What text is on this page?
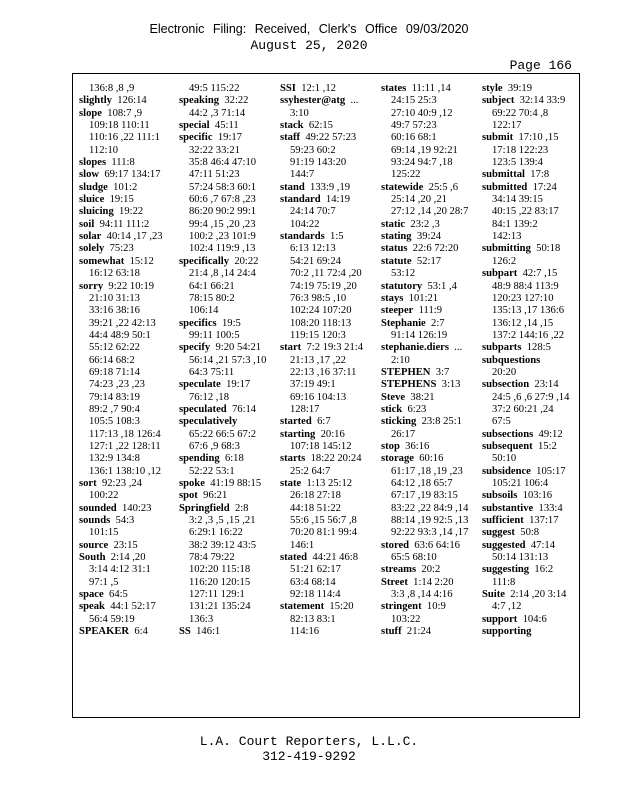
Electronic Filing: Received, Clerk's Office 09/03/2020
August 25, 2020
Page 166
136:8 ,8 ,9
slightly 126:14
slope 108:7 ,9
109:18 110:11
110:16 ,22 111:1
112:10
slopes 111:8
slow 69:17 134:17
sludge 101:2
sluice 19:15
sluicing 19:22
soil 94:11 111:2
solar 40:14 ,17 ,23
solely 75:23
somewhat 15:12
16:12 63:18
sorry 9:22 10:19
21:10 31:13
33:16 38:16
39:21 ,22 42:13
44:4 48:9 50:1
55:12 62:22
66:14 68:2
69:18 71:14
74:23 ,23 ,23
79:14 83:19
89:2 ,7 90:4
105:5 108:3
117:13 ,18 126:4
127:1 ,22 128:11
132:9 134:8
136:1 138:10 ,12
sort 92:23 ,24
100:22
sounded 140:23
sounds 54:3
101:15
source 23:15
South 2:14 ,20
3:14 4:12 31:1
97:1 ,5
space 64:5
speak 44:1 52:17
56:4 59:19
SPEAKER 6:4
49:5 115:22
speaking 32:22
44:2 ,3 71:14
special 45:11
specific 19:17
32:22 33:21
35:8 46:4 47:10
47:11 51:23
57:24 58:3 60:1
60:6 ,7 67:8 ,23
86:20 90:2 99:1
99:4 ,15 ,20 ,23
100:2 ,23 101:9
102:4 119:9 ,13
specifically 20:22
21:4 ,8 ,14 24:4
64:1 66:21
78:15 80:2
106:14
specifics 19:5
99:11 100:5
specify 9:20 54:21
56:14 ,21 57:3 ,10
64:3 75:11
speculate 19:17
76:12 ,18
speculated 76:14
speculatively
65:22 66:5 67:2
67:6 ,9 68:3
spending 6:18
52:22 53:1
spoke 41:19 88:15
spot 96:21
Springfield 2:8
3:2 ,3 ,5 ,15 ,21
6:29:1 16:22
38:2 39:12 43:5
78:4 79:22
102:20 115:18
116:20 120:15
127:11 129:1
131:21 135:24
136:3
SS 146:1
SSI 12:1 ,12
ssyhester@atg ...
3:10
stack 62:15
staff 49:22 57:23
59:23 60:2
91:19 143:20
144:7
stand 133:9 ,19
standard 14:19
24:14 70:7
104:22
standards 1:5
6:13 12:13
54:21 69:24
70:2 ,11 72:4 ,20
74:19 75:19 ,20
76:3 98:5 ,10
102:24 107:20
108:20 118:13
119:15 120:3
start 7:2 19:3 21:4
21:13 ,17 ,22
22:13 ,16 37:11
37:19 49:1
69:16 104:13
128:17
started 6:7
starting 20:16
107:18 145:12
starts 18:22 20:24
25:2 64:7
state 1:13 25:12
26:18 27:18
44:18 51:22
55:6 ,15 56:7 ,8
70:20 81:1 99:4
146:1
stated 44:21 46:8
51:21 62:17
63:4 68:14
92:18 114:4
statement 15:20
82:13 83:1
114:16
states 11:11 ,14
24:15 25:3
27:10 40:9 ,12
49:7 57:23
60:16 68:1
69:14 ,19 92:21
93:24 94:7 ,18
125:22
statewide 25:5 ,6
25:14 ,20 ,21
27:12 ,14 ,20 28:7
static 23:2 ,3
stating 39:24
status 22:6 72:20
statute 52:17
53:12
statutory 53:1 ,4
stays 101:21
steeper 111:9
Stephanie 2:7
91:14 126:19
stephanie.diers ...
2:10
STEPHEN 3:7
STEPHENS 3:13
Steve 38:21
stick 6:23
sticking 23:8 25:1
26:17
stop 36:16
storage 60:16
61:17 ,18 ,19 ,23
64:12 ,18 65:7
67:17 ,19 83:15
83:22 ,22 84:9 ,14
88:14 ,19 92:5 ,13
92:22 93:3 ,14 ,17
stored 63:6 64:16
65:5 68:10
streams 20:2
Street 1:14 2:20
3:3 ,8 ,14 4:16
stringent 10:9
103:22
stuff 21:24
style 39:19
subject 32:14 33:9
69:22 70:4 ,8
122:17
submit 17:10 ,15
17:18 122:23
123:5 139:4
submittal 17:8
submitted 17:24
34:14 39:15
40:15 ,22 83:17
84:1 139:2
142:13
submitting 50:18
126:2
subpart 42:7 ,15
48:9 88:4 113:9
120:23 127:10
135:13 ,17 136:6
136:12 ,14 ,15
137:2 144:16 ,22
subparts 128:5
subquestions
20:20
subsection 23:14
24:5 ,6 ,6 27:9 ,14
37:2 60:21 ,24
67:5
subsections 49:12
subsequent 15:2
50:10
subsidence 105:17
105:21 106:4
subsoils 103:16
substantive 133:4
sufficient 137:17
suggest 50:8
suggested 47:14
50:14 131:13
suggesting 16:2
111:8
Suite 2:14 ,20 3:14
4:7 ,12
support 104:6
supporting
L.A. Court Reporters, L.L.C.
312-419-9292
